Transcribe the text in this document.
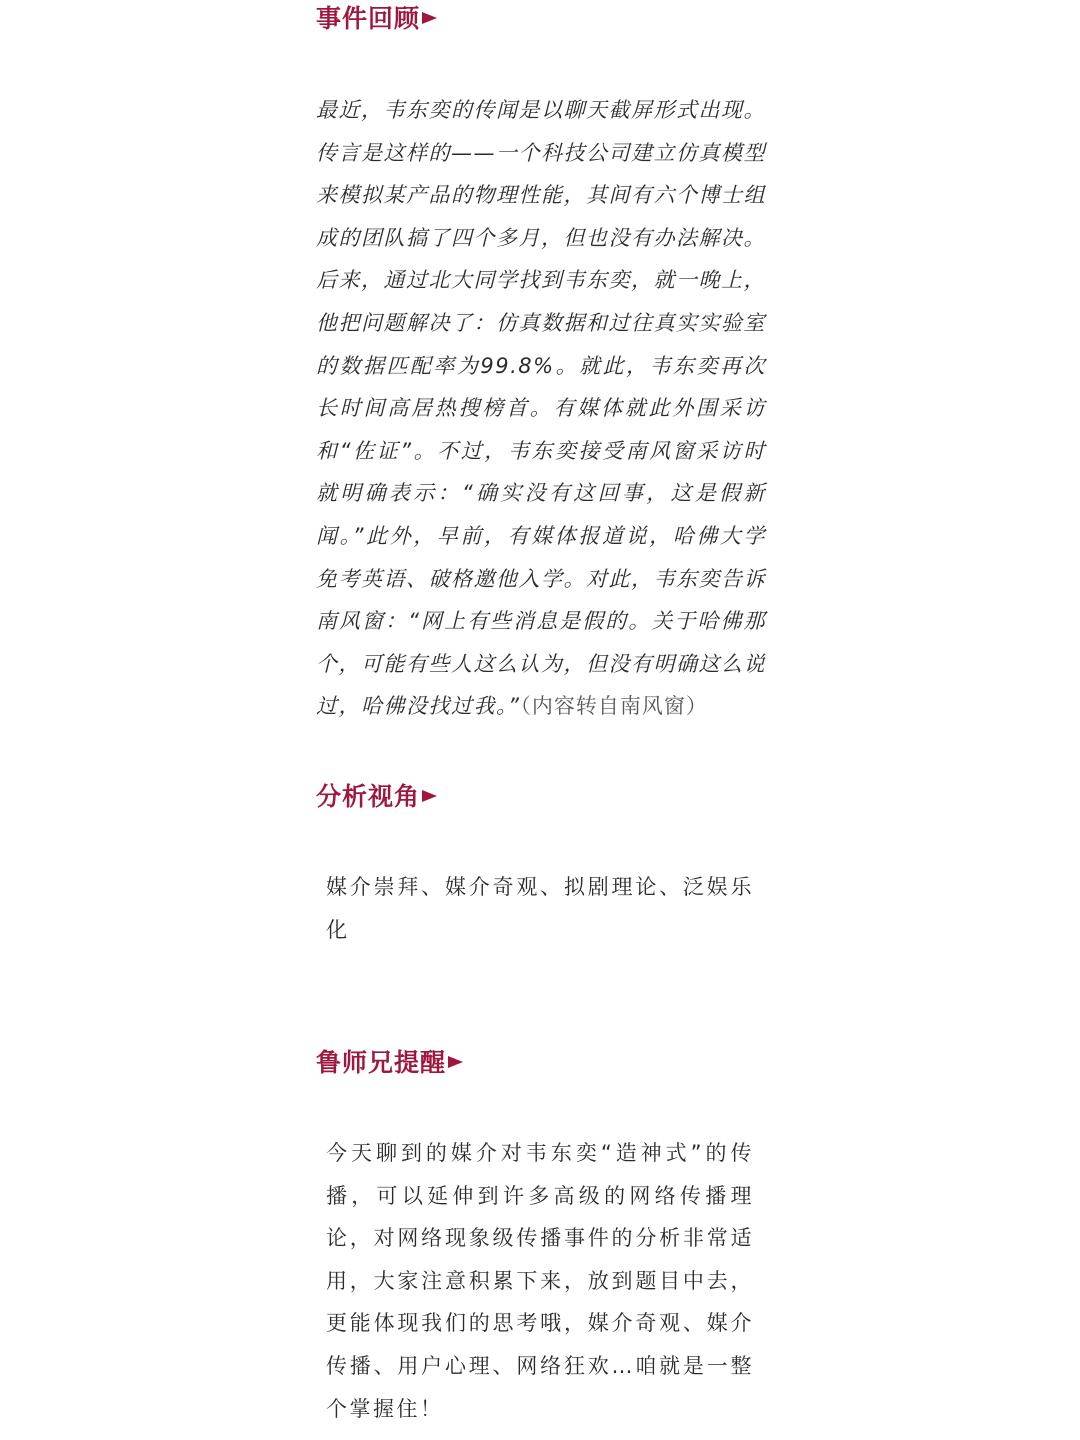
事件回顾

最近，韦东奕的传闻是以聊天截屏形式出现。传言是这样的——一个科技公司建立仿真模型来模拟某产品的物理性能，其间有六个博士组成的团队搞了四个多月，但也没有办法解决。后来，通过北大同学找到韦东奕，就一晚上，他把问题解决了：仿真数据和过往真实实验室的数据匹配率为99.8%。就此，韦东奕再次长时间高居热搜榜首。有媒体就此外围采访和“佐证”。不过，韦东奕接受南风窗采访时就明确表示：“确实没有这回事，这是假新闻。”此外，早前，有媒体报道说，哈佛大学免考英语、破格邀他入学。对此，韦东奕告诉南风窗：“网上有些消息是假的。关于哈佛那个，可能有些人这么认为，但没有明确这么说过，哈佛没找过我。”（内容转自南风窗）

分析视角

媒介崇拜、媒介奇观、拟剧理论、泛娱乐化

鲁师兄提醒

今天聊到的媒介对韦东奕“造神式”的传播，可以延伸到许多高级的网络传播理论，对网络现象级传播事件的分析非常适用，大家注意积累下来，放到题目中去，更能体现我们的思考哦，媒介奇观、媒介传播、用户心理、网络狂欢…咱就是一整个掌握住！
